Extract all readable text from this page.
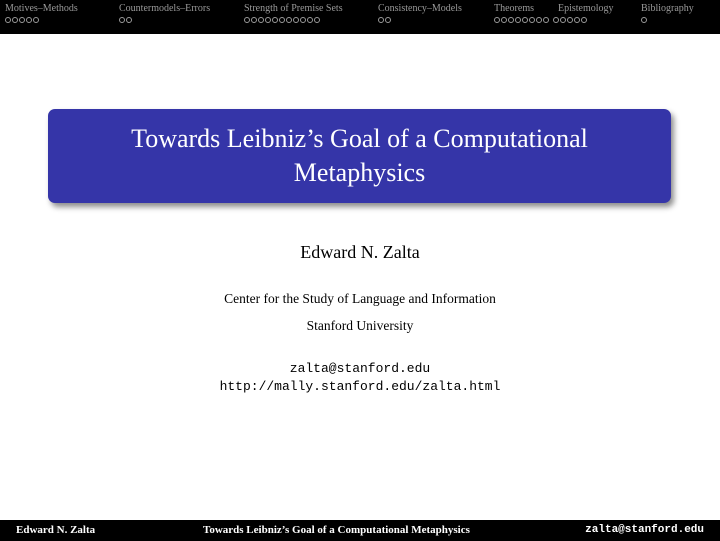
Motives–Methods	Countermodels–Errors	Strength of Premise Sets	Consistency–Models	Theorems Epistemology	Bibliography
Towards Leibniz’s Goal of a Computational Metaphysics
Edward N. Zalta
Center for the Study of Language and Information
Stanford University
zalta@stanford.edu
http://mally.stanford.edu/zalta.html
Edward N. Zalta	Towards Leibniz’s Goal of a Computational Metaphysics	zalta@stanford.edu
